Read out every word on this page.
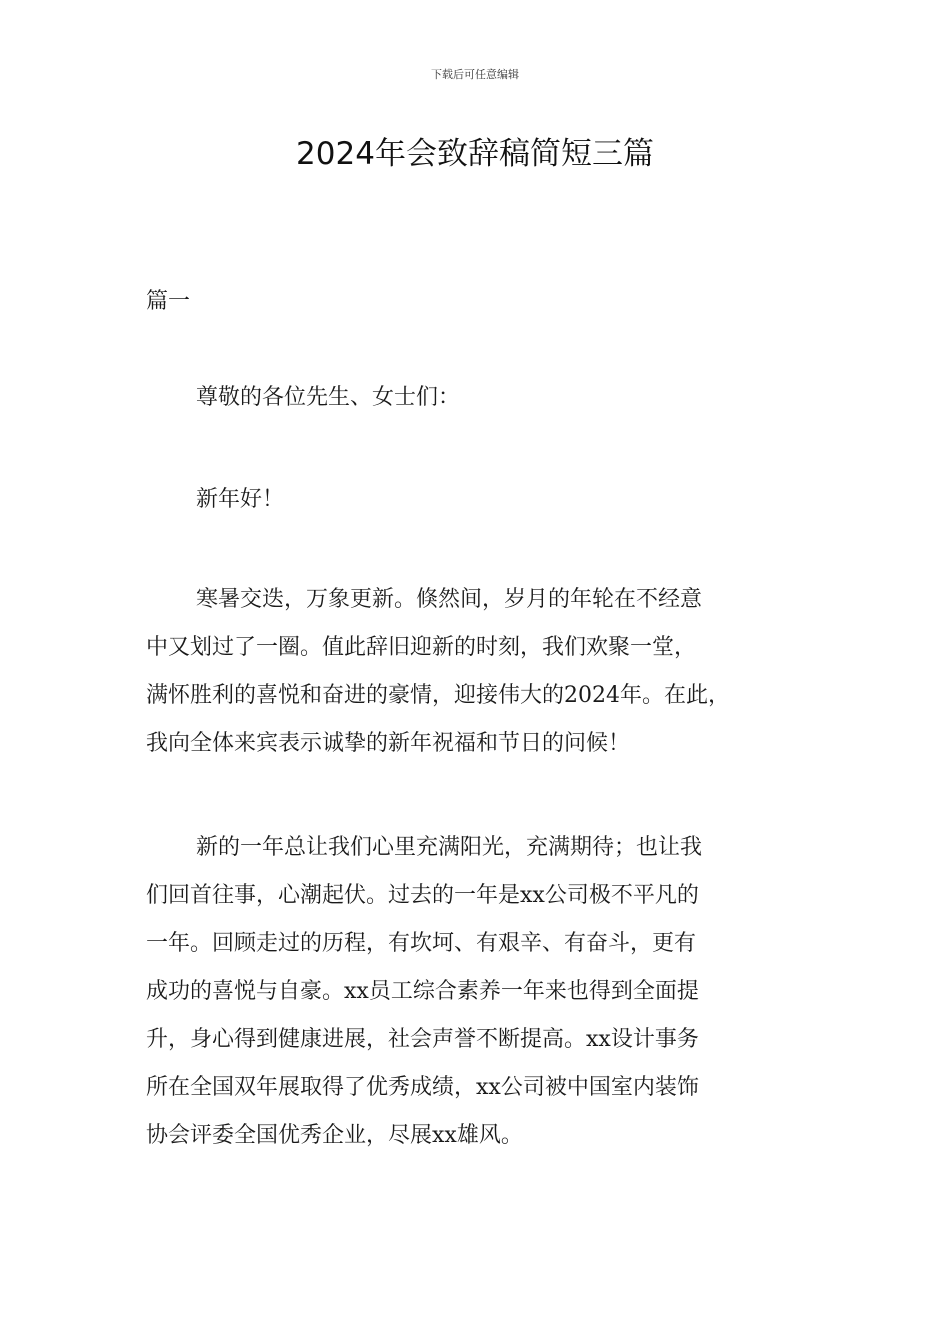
下载后可任意编辑
2024年会致辞稿简短三篇
篇一
尊敬的各位先生、女士们：
新年好！
寒暑交迭，万象更新。倏然间，岁月的年轮在不经意
中又划过了一圈。值此辞旧迎新的时刻，我们欢聚一堂，
满怀胜利的喜悦和奋进的豪情，迎接伟大的2024年。在此，
我向全体来宾表示诚挚的新年祝福和节日的问候！
新的一年总让我们心里充满阳光，充满期待；也让我
们回首往事，心潮起伏。过去的一年是xx公司极不平凡的
一年。回顾走过的历程，有坎坷、有艰辛、有奋斗，更有
成功的喜悦与自豪。xx员工综合素养一年来也得到全面提
升，身心得到健康进展，社会声誉不断提高。xx设计事务
所在全国双年展取得了优秀成绩，xx公司被中国室内装饰
协会评委全国优秀企业，尽展xx雄风。
